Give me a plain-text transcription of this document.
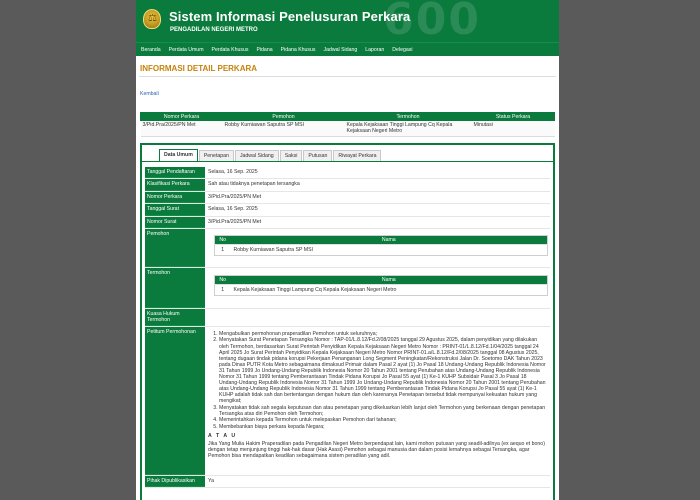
600
⚖ Sistem Informasi Penelusuran Perkara
PENGADILAN NEGERI METRO
Beranda	Perdata Umum	Perdata Khusus	Pidana	Pidana Khusus	Jadwal Sidang	Laporan	Delegasi
INFORMASI DETAIL PERKARA
Kembali
Nomor Perkara	Pemohon	Termohon	Status Perkara
3/Pid.Pra/2025/PN Met	Robby Kurniawan Saputra SP MSI	Kepala Kejaksaan Tinggi Lampung Cq Kepala Kejaksaan Negeri Metro	Minutasi
Data Umum	Penetapan	Jadwal Sidang	Saksi	Putusan	Riwayat Perkara
Tanggal Pendaftaran	Selasa, 16 Sep. 2025
Klasifikasi Perkara	Sah atau tidaknya penetapan tersangka
Nomor Perkara	3/Pid.Pra/2025/PN Met
Tanggal Surat	Selasa, 16 Sep. 2025
Nomor Surat	3/Pid.Pra/2025/PN Met
Pemohon
No	Nama
1	Robby Kurniawan Saputra SP MSI
Termohon
No	Nama
1	Kepala Kejaksaan Tinggi Lampung Cq Kepala Kejaksaan Negeri Metro
Kuasa Hukum Termohon
Petitum Permohonan	1. Mengabulkan permohonan praperadilan Pemohon untuk seluruhnya;
2. Menyatakan Surat Penetapan Tersangka Nomor : TAP-01/L.8.12/Fd.2/08/2025 tanggal 29 Agustus 2025, dalam penyidikan yang dilakukan oleh Termohon, berdasarkan Surat Perintah Penyidikan Kepala Kejaksaan Negeri Metro Nomor : PRINT-01/L.8.12/Fd.1/04/2025 tanggal 24 April 2025 Jo Surat Perintah Penyidikan Kepala Kejaksaan Negeri Metro Nomor PRINT-01.a/L.8.12/Fd.2/08/2025 tanggal 08 Agustus 2025, tentang dugaan tindak pidana korupsi Pekerjaan Penanganan Long Segment Peningkatan/Rekonstruksi Jalan Dr. Soetomo DAK Tahun 2023 pada Dinas PUTR Kota Metro sebagaimana dimaksud Primair dalam Pasal 2 ayat (1) Jo Pasal 18 Undang-Undang Republik Indonesia Nomor 31 Tahun 1999 Jo Undang-Undang Republik Indonesia Nomor 20 Tahun 2001 tentang Perubahan atas Undang-Undang Republik Indonesia Nomor 31 Tahun 1999 tentang Pemberantasan Tindak Pidana Korupsi Jo Pasal 55 ayat (1) Ke-1 KUHP Subsidair Pasal 3 Jo Pasal 18 Undang-Undang Republik Indonesia Nomor 31 Tahun 1999 Jo Undang-Undang Republik Indonesia Nomor 20 Tahun 2001 tentang Perubahan atas Undang-Undang Republik Indonesia Nomor 31 Tahun 1999 tentang Pemberantasan Tindak Pidana Korupsi Jo Pasal 55 ayat (1) Ke-1 KUHP adalah tidak sah dan bertentangan dengan hukum dan oleh karenanya Penetapan tersebut tidak mempunyai kekuatan hukum yang mengikat;
3. Menyatakan tidak sah segala keputusan dan atau penetapan yang dikeluarkan lebih lanjut oleh Termohon yang berkenaan dengan penetapan Tersangka atas diri Pemohon oleh Termohon;
4. Memerintahkan kepada Termohon untuk melepaskan Pemohon dari tahanan;
5. Membebankan biaya perkara kepada Negara;
A T A U
Jika Yang Mulia Hakim Praperadilan pada Pengadilan Negeri Metro berpendapat lain, kami mohon putusan yang seadil-adilnya (ex aequo et bono) dengan tetap menjunjung tinggi hak-hak dasar (Hak Asasi) Pemohon sebagai manusia dan dalam posisi lemahnya sebagai Tersangka, agar Pemohon bisa mendapatkan keadilan sebagaimana sistem peradilan yang adil.
Pihak Dipublikasikan	Ya
